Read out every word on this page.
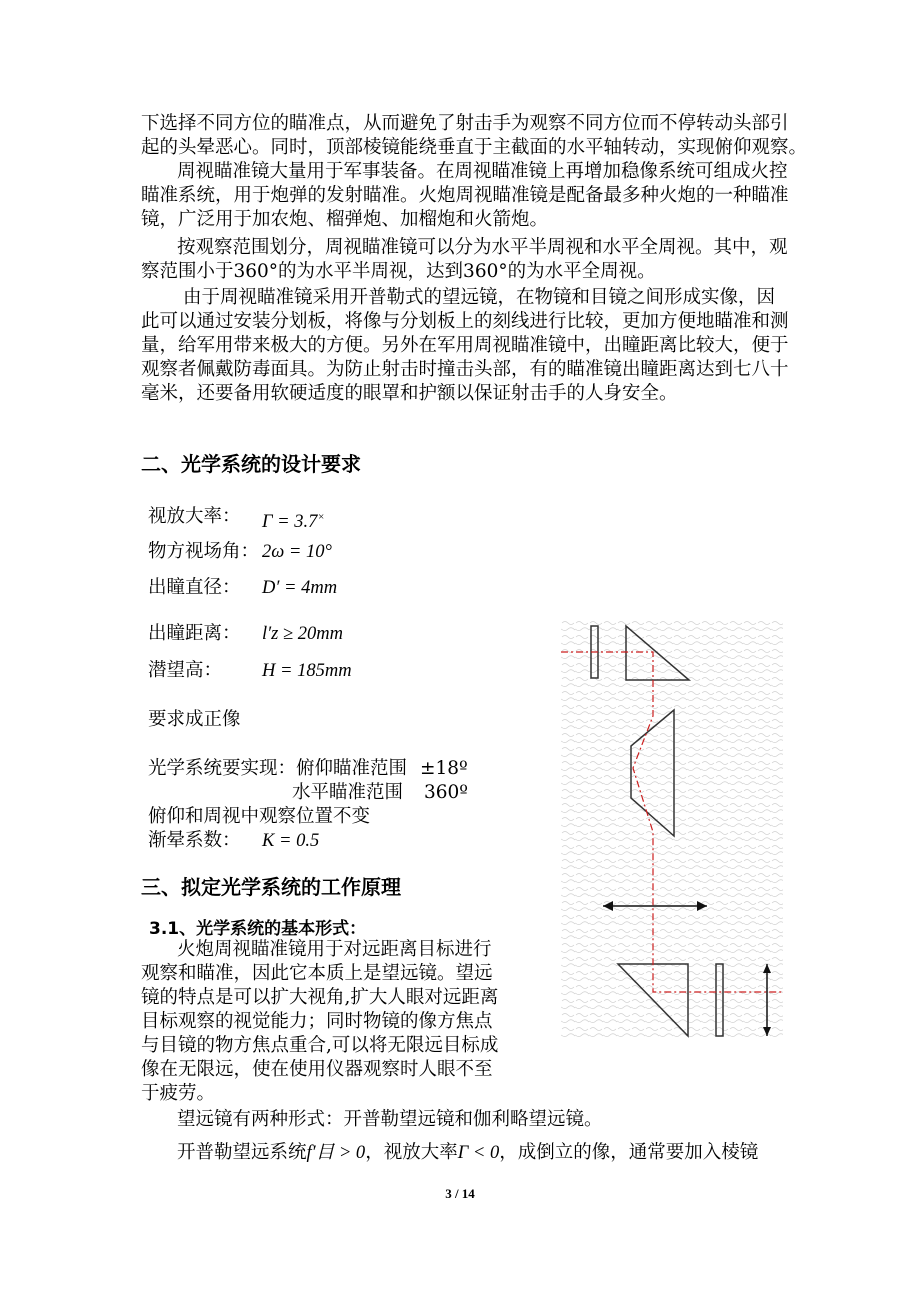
下选择不同方位的瞄准点，从而避免了射击手为观察不同方位而不停转动头部引
起的头晕恶心。同时，顶部棱镜能绕垂直于主截面的水平轴转动，实现俯仰观察。
周视瞄准镜大量用于军事装备。在周视瞄准镜上再增加稳像系统可组成火控
瞄准系统，用于炮弹的发射瞄准。火炮周视瞄准镜是配备最多种火炮的一种瞄准
镜，广泛用于加农炮、榴弹炮、加榴炮和火箭炮。
按观察范围划分，周视瞄准镜可以分为水平半周视和水平全周视。其中，观
察范围小于360°的为水平半周视，达到360°的为水平全周视。
由于周视瞄准镜采用开普勒式的望远镜，在物镜和目镜之间形成实像，因
此可以通过安装分划板，将像与分划板上的刻线进行比较，更加方便地瞄准和测
量，给军用带来极大的方便。另外在军用周视瞄准镜中，出瞳距离比较大，便于
观察者佩戴防毒面具。为防止射击时撞击头部，有的瞄准镜出瞳距离达到七八十
毫米，还要备用软硬适度的眼罩和护额以保证射击手的人身安全。
二、光学系统的设计要求
视放大率： Γ = 3.7×
物方视场角： 2ω = 10°
出瞳直径： D′ = 4mm
出瞳距离： l′z ≥ 20mm
潜望高： H = 185mm
要求成正像
光学系统要实现：俯仰瞄准范围 ±18º
水平瞄准范围 360º
俯仰和周视中观察位置不变
渐晕系数： K = 0.5
三、拟定光学系统的工作原理
3.1、光学系统的基本形式：
火炮周视瞄准镜用于对远距离目标进行
观察和瞄准，因此它本质上是望远镜。望远
镜的特点是可以扩大视角,扩大人眼对远距离
目标观察的视觉能力；同时物镜的像方焦点
与目镜的物方焦点重合,可以将无限远目标成
像在无限远，使在使用仪器观察时人眼不至
于疲劳。
望远镜有两种形式：开普勒望远镜和伽利略望远镜。
开普勒望远系统f′目 > 0，视放大率Γ < 0，成倒立的像，通常要加入棱镜
3 / 14
